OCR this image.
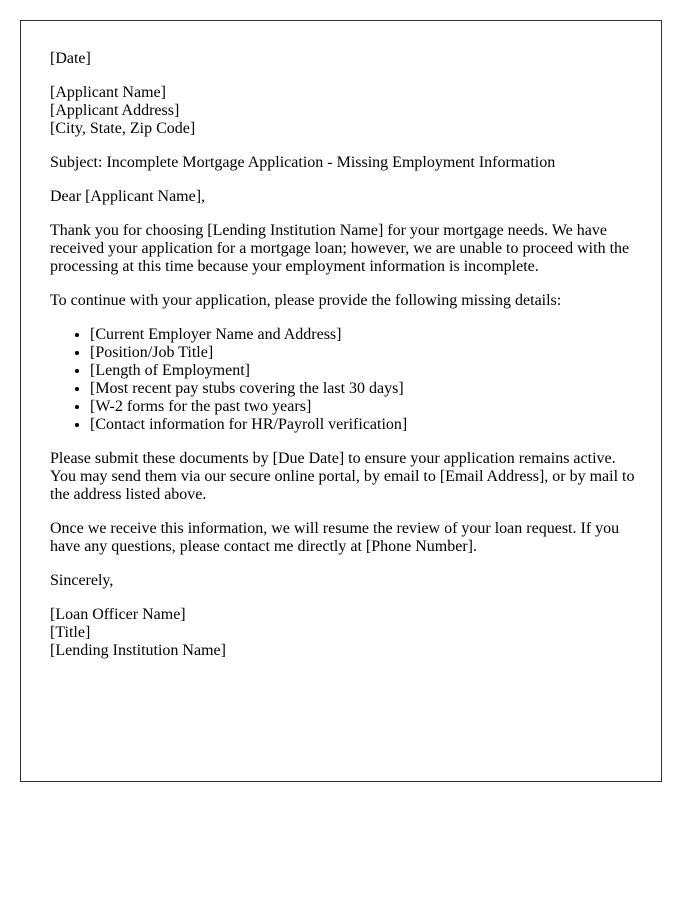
[Date]

[Applicant Name]
[Applicant Address]
[City, State, Zip Code]

Subject: Incomplete Mortgage Application - Missing Employment Information

Dear [Applicant Name],

Thank you for choosing [Lending Institution Name] for your mortgage needs. We have received your application for a mortgage loan; however, we are unable to proceed with the processing at this time because your employment information is incomplete.

To continue with your application, please provide the following missing details:

• [Current Employer Name and Address]
• [Position/Job Title]
• [Length of Employment]
• [Most recent pay stubs covering the last 30 days]
• [W-2 forms for the past two years]
• [Contact information for HR/Payroll verification]

Please submit these documents by [Due Date] to ensure your application remains active. You may send them via our secure online portal, by email to [Email Address], or by mail to the address listed above.

Once we receive this information, we will resume the review of your loan request. If you have any questions, please contact me directly at [Phone Number].

Sincerely,

[Loan Officer Name]
[Title]
[Lending Institution Name]
